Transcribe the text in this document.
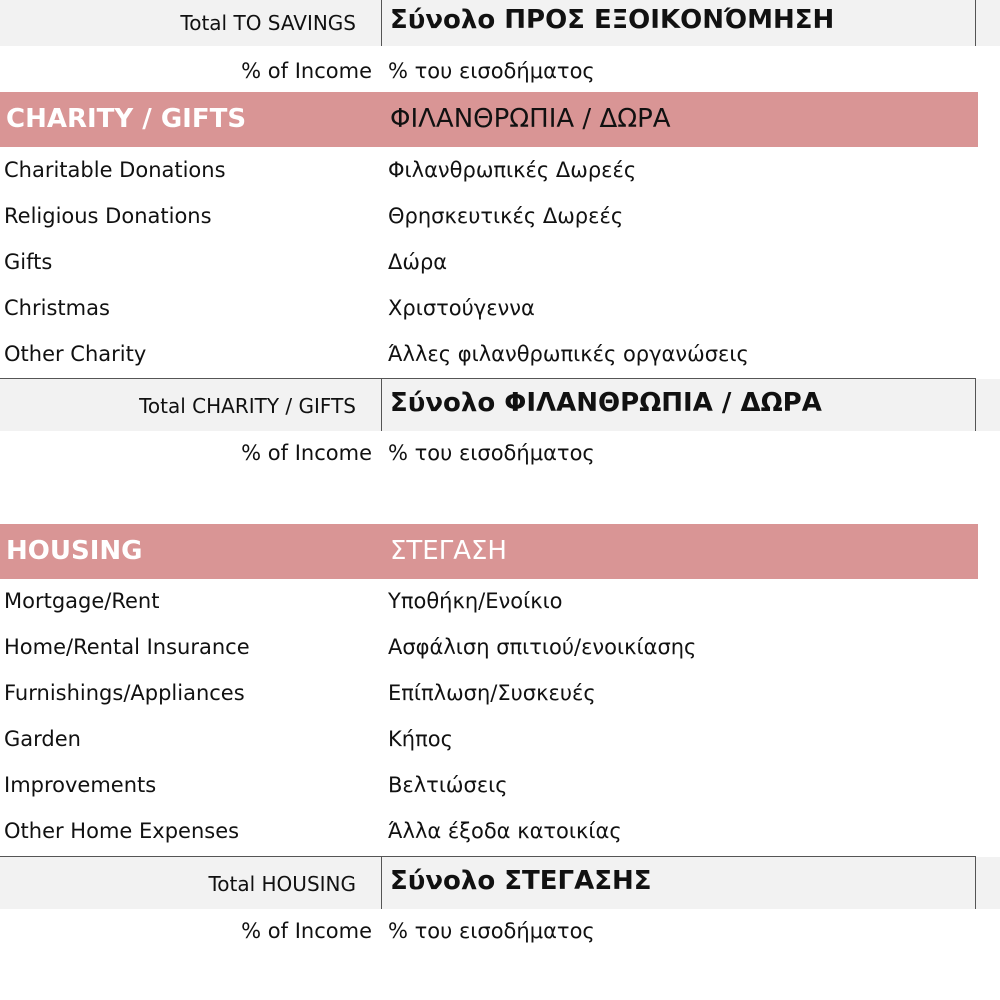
Total TO SAVINGS Σύνολο ΠΡΟΣ ΕΞΟΙΚΟΝΌΜΗΣΗ
% of Income % του εισοδήματος
CHARITY / GIFTS	ΦΙΛΑΝΘΡΩΠΙΑ / ΔΩΡΑ
Charitable Donations	Φιλανθρωπικές Δωρεές
Religious Donations	Θρησκευτικές Δωρεές
Gifts	Δώρα
Christmas	Χριστούγεννα
Other Charity	Άλλες φιλανθρωπικές οργανώσεις
Total CHARITY / GIFTS Σύνολο ΦΙΛΑΝΘΡΩΠΙΑ / ΔΩΡΑ
% of Income % του εισοδήματος
HOUSING	ΣΤΕΓΑΣΗ
Mortgage/Rent	Υποθήκη/Ενοίκιο
Home/Rental Insurance	Ασφάλιση σπιτιού/ενοικίασης
Furnishings/Appliances	Επίπλωση/Συσκευές
Garden	Κήπος
Improvements	Βελτιώσεις
Other Home Expenses	Άλλα έξοδα κατοικίας
Total HOUSING Σύνολο ΣΤΕΓΑΣΗΣ
% of Income % του εισοδήματος
